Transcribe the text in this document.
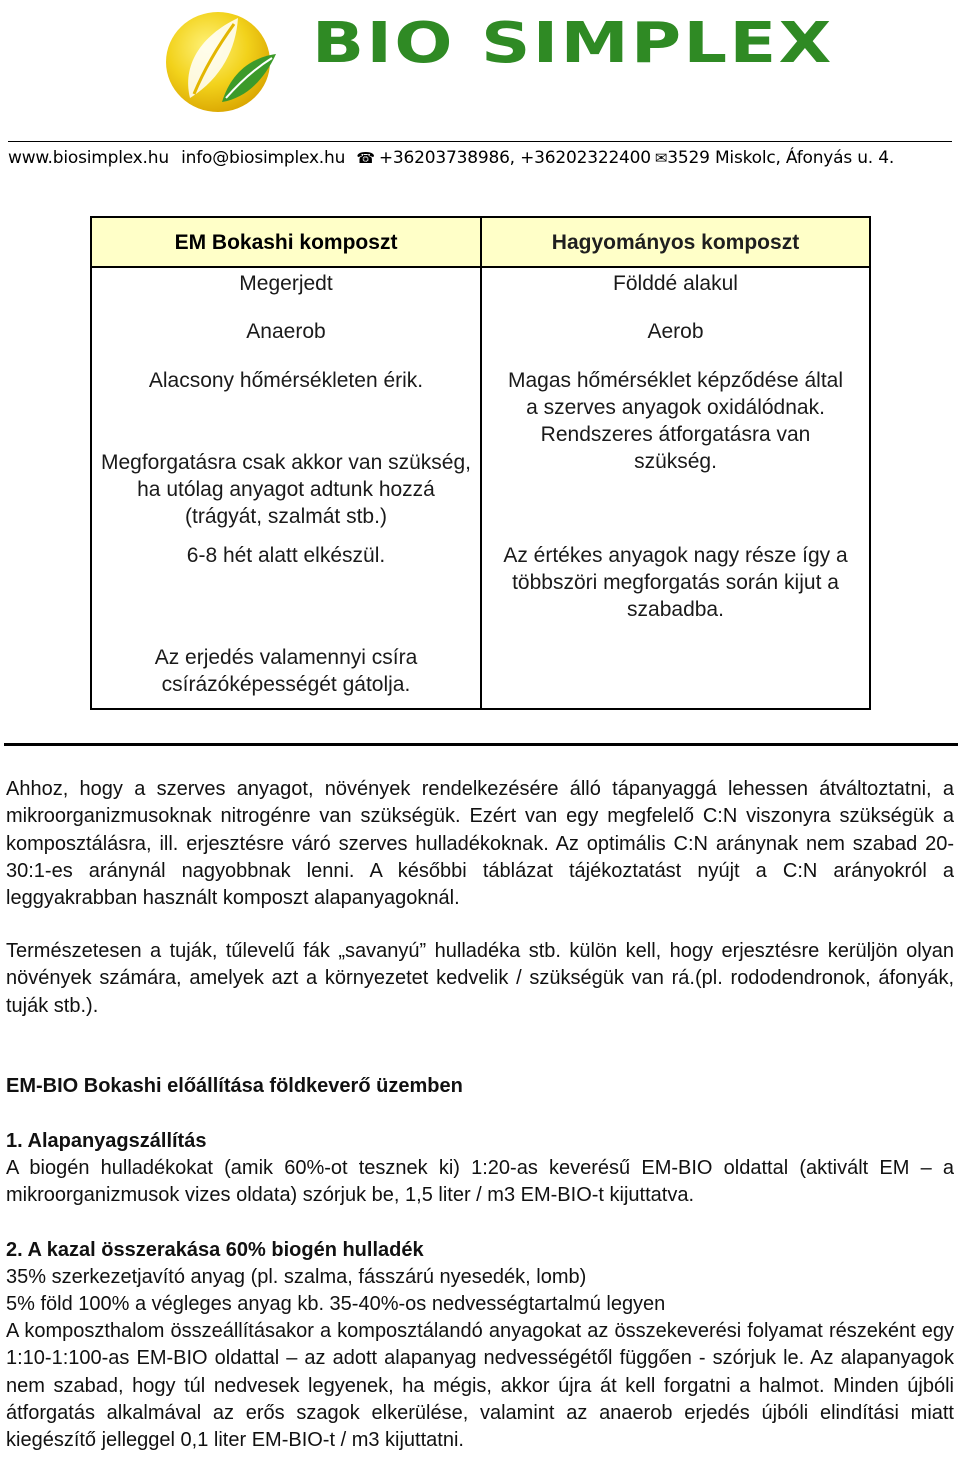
BIO SIMPLEX
www.biosimplex.hu info@biosimplex.hu ☎ +36203738986, +36202322400 ✉3529 Miskolc, Áfonyás u. 4.
EM Bokashi komposzt	Hagyományos komposzt
Megerjedt
Anaerob
Alacsony hőmérsékleten érik.
Megforgatásra csak akkor van szükség, ha utólag anyagot adtunk hozzá (trágyát, szalmát stb.)
6-8 hét alatt elkészül.
Az erjedés valamennyi csíra csírázóképességét gátolja.
Földdé alakul
Aerob
Magas hőmérséklet képződése által a szerves anyagok oxidálódnak. Rendszeres átforgatásra van szükség.
Az értékes anyagok nagy része így a többszöri megforgatás során kijut a szabadba.
Ahhoz, hogy a szerves anyagot, növények rendelkezésére álló tápanyaggá lehessen átváltoztatni, a mikroorganizmusoknak nitrogénre van szükségük. Ezért van egy megfelelő C:N viszonyra szükségük a komposztálásra, ill. erjesztésre váró szerves hulladékoknak. Az optimális C:N aránynak nem szabad 20-30:1-es aránynál nagyobbnak lenni. A későbbi táblázat tájékoztatást nyújt a C:N arányokról a leggyakrabban használt komposzt alapanyagoknál.
Természetesen a tuják, tűlevelű fák „savanyú” hulladéka stb. külön kell, hogy erjesztésre kerüljön olyan növények számára, amelyek azt a környezetet kedvelik / szükségük van rá.(pl. rododendronok, áfonyák, tuják stb.).
EM-BIO Bokashi előállítása földkeverő üzemben
1. Alapanyagszállítás
A biogén hulladékokat (amik 60%-ot tesznek ki) 1:20-as keverésű EM-BIO oldattal (aktivált EM – a mikroorganizmusok vizes oldata) szórjuk be, 1,5 liter / m3 EM-BIO-t kijuttatva.
2. A kazal összerakása 60% biogén hulladék
35% szerkezetjavító anyag (pl. szalma, fásszárú nyesedék, lomb)
5% föld 100% a végleges anyag kb. 35-40%-os nedvességtartalmú legyen
A komposzthalom összeállításakor a komposztálandó anyagokat az összekeverési folyamat részeként egy 1:10-1:100-as EM-BIO oldattal – az adott alapanyag nedvességétől függően - szórjuk le. Az alapanyagok nem szabad, hogy túl nedvesek legyenek, ha mégis, akkor újra át kell forgatni a halmot. Minden újbóli átforgatás alkalmával az erős szagok elkerülése, valamint az anaerob erjedés újbóli elindítási miatt kiegészítő jelleggel 0,1 liter EM-BIO-t / m3 kijuttatni.
